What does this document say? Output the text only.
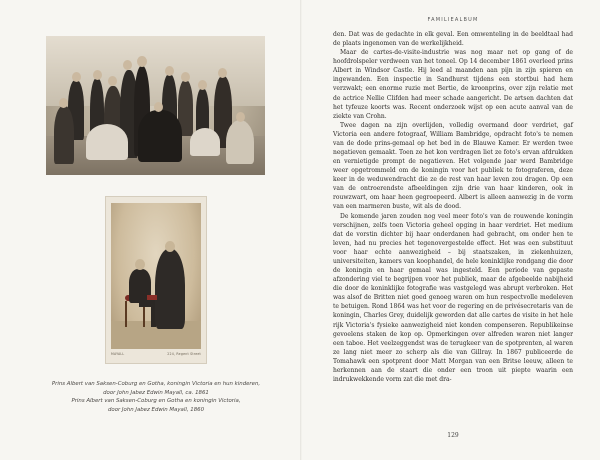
MAYALL	224, Regent Street
Prins Albert van Saksen-Coburg en Gotha, koningin Victoria en hun kinderen,
door John Jabez Edwin Mayall, ca. 1861
Prins Albert van Saksen-Coburg en Gotha en koningin Victoria,
door John Jabez Edwin Mayall, 1860
FAMILIEALBUM

den. Dat was de gedachte in elk geval. Een omwenteling in de beeldtaal had de plaats ingenomen van de werkelijkheid.

Maar de cartes-de-visite-industrie was nog maar net op gang of de hoofdrolspeler verdween van het toneel. Op 14 december 1861 overleed prins Albert in Windsor Castle. Hij leed al maanden aan pijn in zijn spieren en ingewanden. Een inspectie in Sandhurst tijdens een stortbui had hem verzwakt; een enorme ruzie met Bertie, de kroonprins, over zijn relatie met de actrice Nellie Clifden had meer schade aangericht. De artsen dachten dat het tyfeuze koorts was. Recent onderzoek wijst op een acute aanval van de ziekte van Crohn.

Twee dagen na zijn overlijden, volledig overmand door verdriet, gaf Victoria een andere fotograaf, William Bambridge, opdracht foto's te nemen van de dode prins-gemaal op het bed in de Blauwe Kamer. Er werden twee negatieven gemaakt. Toen ze het kon verdragen liet ze foto's ervan afdrukken en vernietigde prompt de negatieven. Het volgende jaar werd Bambridge weer opgetrommeld om de koningin voor het publiek te fotograferen, deze keer in de weduwendracht die ze de rest van haar leven zou dragen. Op een van de ontroerendste afbeeldingen zijn drie van haar kinderen, ook in rouwzwart, om haar heen gegroepeerd. Albert is alleen aanwezig in de vorm van een marmeren buste, wit als de dood.

De komende jaren zouden nog veel meer foto's van de rouwende koningin verschijnen, zelfs toen Victoria geheel opging in haar verdriet. Het medium dat de vorstin dichter bij haar onderdanen had gebracht, om onder hen te leven, had nu precies het tegenovergestelde effect. Het was een substituut voor haar echte aanwezigheid – bij staatszaken, in ziekenhuizen, universiteiten, kamers van koophandel, de hele koninklijke rondgang die door de koningin en haar gemaal was ingesteld. Een periode van gepaste afzondering viel te begrijpen voor het publiek, maar de afgebeelde nabijheid die door de koninklijke fotografie was vastgelegd was abrupt verbroken. Het was alsof de Britten niet goed genoeg waren om hun respectvolle medeleven te betuigen. Rond 1864 was het voor de regering en de privésecretaris van de koningin, Charles Grey, duidelijk geworden dat alle cartes de visite in het hele rijk Victoria's fysieke aanwezigheid niet konden compenseren. Republikeinse gevoelens staken de kop op. Opmerkingen over alfreden waren niet langer een taboe. Het veelzeggendst was de terugkeer van de spotprenten, al waren ze lang niet meer zo scherp als die van Gillray. In 1867 publiceerde de Tomahawk een spotprent door Matt Morgan van een Britse leeuw, alleen te herkennen aan de staart die onder een troon uit piepte waarin een indrukwekkende vorm zat die met dra-

129
